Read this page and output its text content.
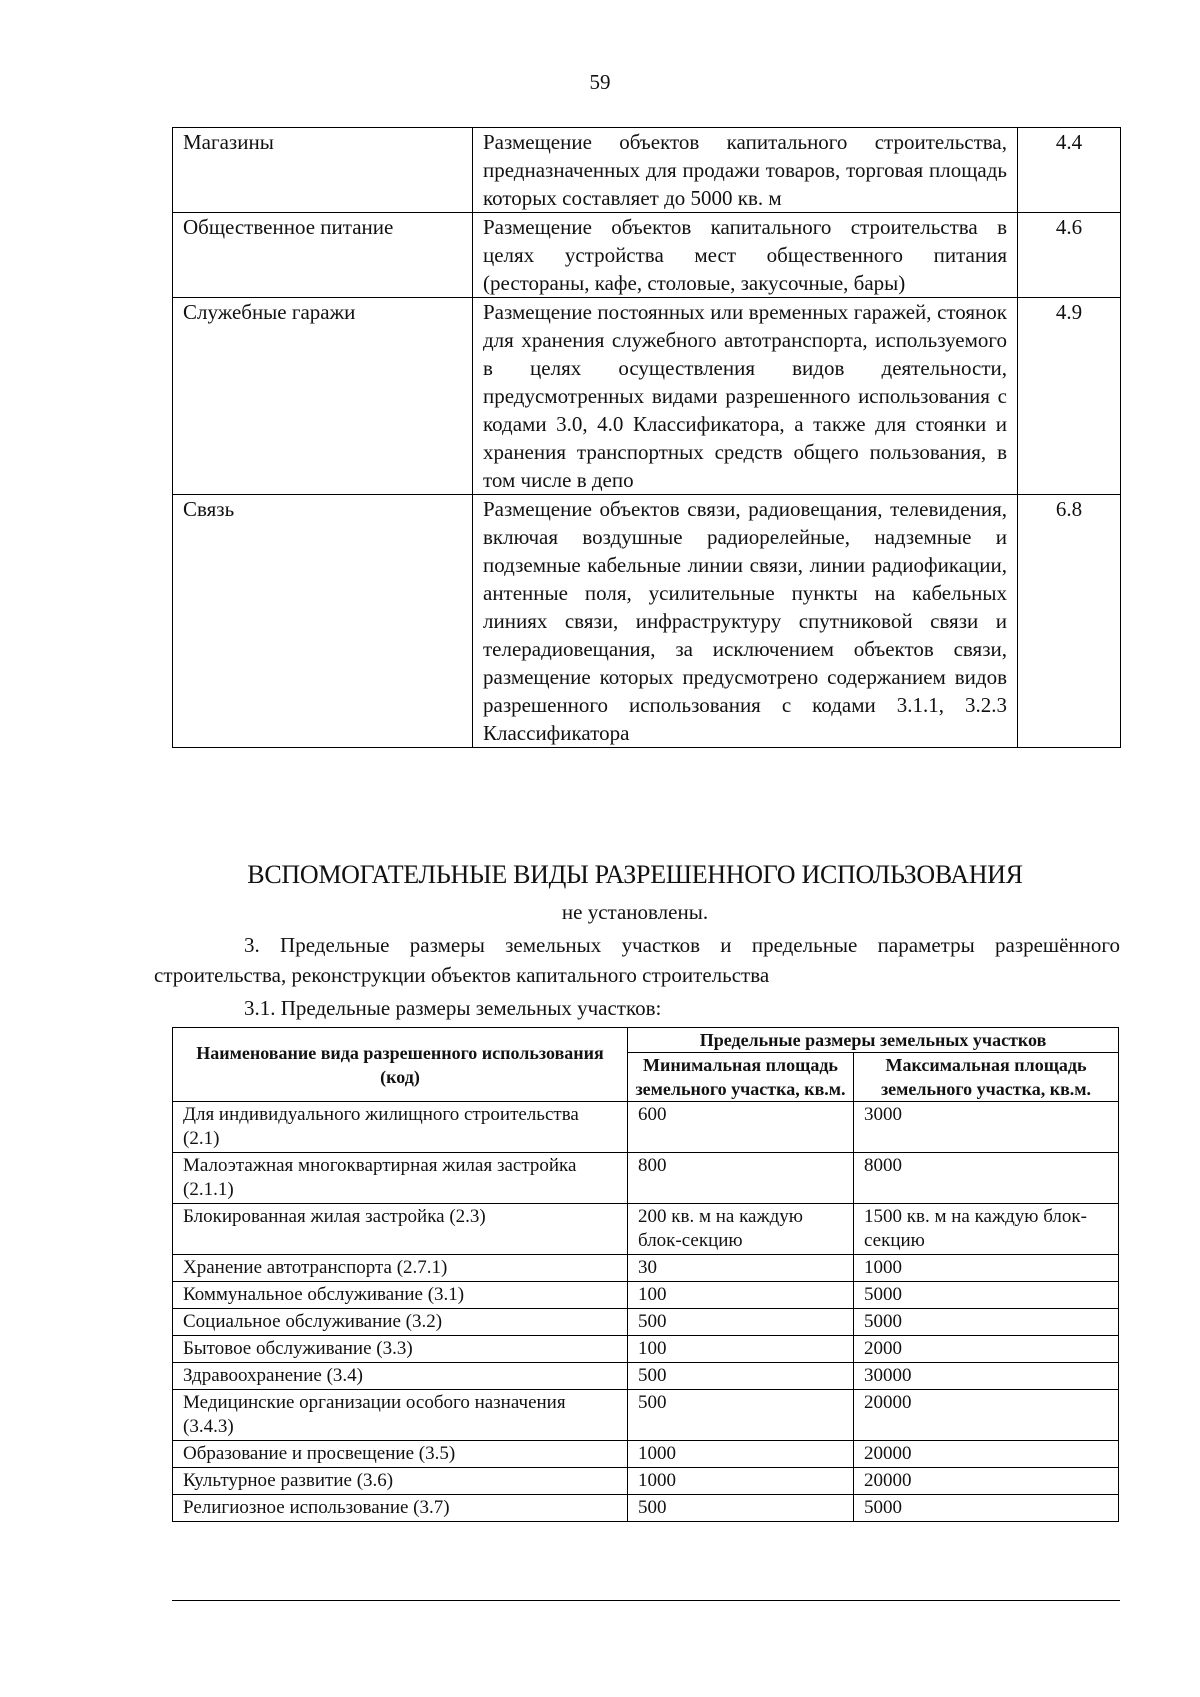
59
Магазины	Размещение объектов капитального строительства, предназначенных для продажи товаров, торговая площадь которых составляет до 5000 кв. м	4.4
Общественное питание	Размещение объектов капитального строительства в целях устройства мест общественного питания (рестораны, кафе, столовые, закусочные, бары)	4.6
Служебные гаражи	Размещение постоянных или временных гаражей, стоянок для хранения служебного автотранспорта, используемого в целях осуществления видов деятельности, предусмотренных видами разрешенного использования с кодами 3.0, 4.0 Классификатора, а также для стоянки и хранения транспортных средств общего пользования, в том числе в депо	4.9
Связь	Размещение объектов связи, радиовещания, телевидения, включая воздушные радиорелейные, надземные и подземные кабельные линии связи, линии радиофикации, антенные поля, усилительные пункты на кабельных линиях связи, инфраструктуру спутниковой связи и телерадиовещания, за исключением объектов связи, размещение которых предусмотрено содержанием видов разрешенного использования с кодами 3.1.1, 3.2.3 Классификатора	6.8
ВСПОМОГАТЕЛЬНЫЕ ВИДЫ РАЗРЕШЕННОГО ИСПОЛЬЗОВАНИЯ
не установлены.
3. Предельные размеры земельных участков и предельные параметры разрешённого строительства, реконструкции объектов капитального строительства
3.1. Предельные размеры земельных участков:
Наименование вида разрешенного использования (код)	Предельные размеры земельных участков	
	Минимальная площадь земельного участка, кв.м.	Максимальная площадь земельного участка, кв.м.
Для индивидуального жилищного строительства (2.1)	600	3000
Малоэтажная многоквартирная жилая застройка (2.1.1)	800	8000
Блокированная жилая застройка (2.3)	200 кв. м на каждую блок-секцию	1500 кв. м на каждую блок-секцию
Хранение автотранспорта (2.7.1)	30	1000
Коммунальное обслуживание (3.1)	100	5000
Социальное обслуживание (3.2)	500	5000
Бытовое обслуживание (3.3)	100	2000
Здравоохранение (3.4)	500	30000
Медицинские организации особого назначения (3.4.3)	500	20000
Образование и просвещение (3.5)	1000	20000
Культурное развитие (3.6)	1000	20000
Религиозное использование (3.7)	500	5000
